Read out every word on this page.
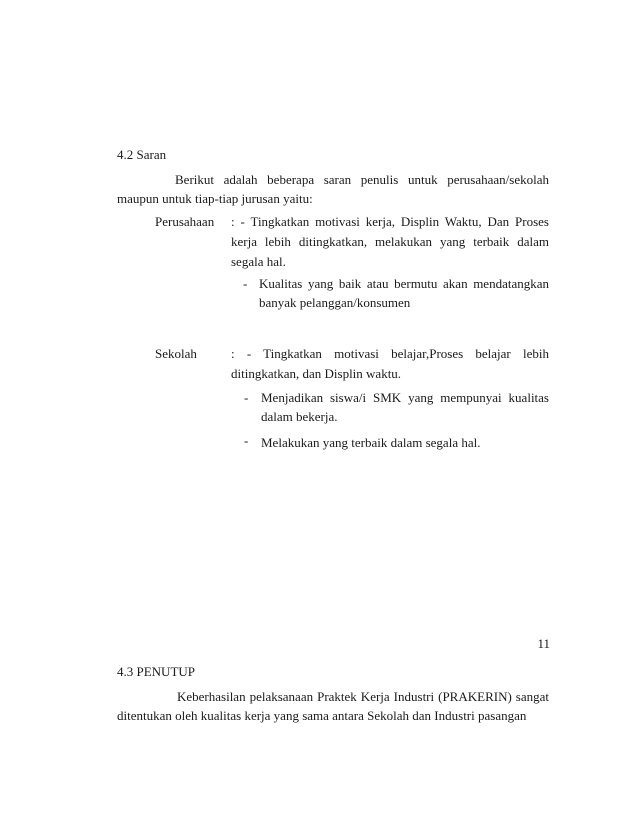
4.2 Saran
Berikut adalah beberapa saran penulis untuk perusahaan/sekolah maupun untuk tiap-tiap jurusan yaitu:
Perusahaan : - Tingkatkan motivasi kerja, Displin Waktu, Dan Proses kerja lebih ditingkatkan, melakukan yang terbaik dalam segala hal.
- Kualitas yang baik atau bermutu akan mendatangkan banyak pelanggan/konsumen
Sekolah	: - Tingkatkan motivasi belajar,Proses belajar lebih ditingkatkan, dan Displin waktu.
- Menjadikan siswa/i SMK yang mempunyai kualitas dalam bekerja.
- Melakukan yang terbaik dalam segala hal.
11
4.3 PENUTUP
Keberhasilan pelaksanaan Praktek Kerja Industri (PRAKERIN) sangat ditentukan oleh kualitas kerja yang sama antara Sekolah dan Industri pasangan
